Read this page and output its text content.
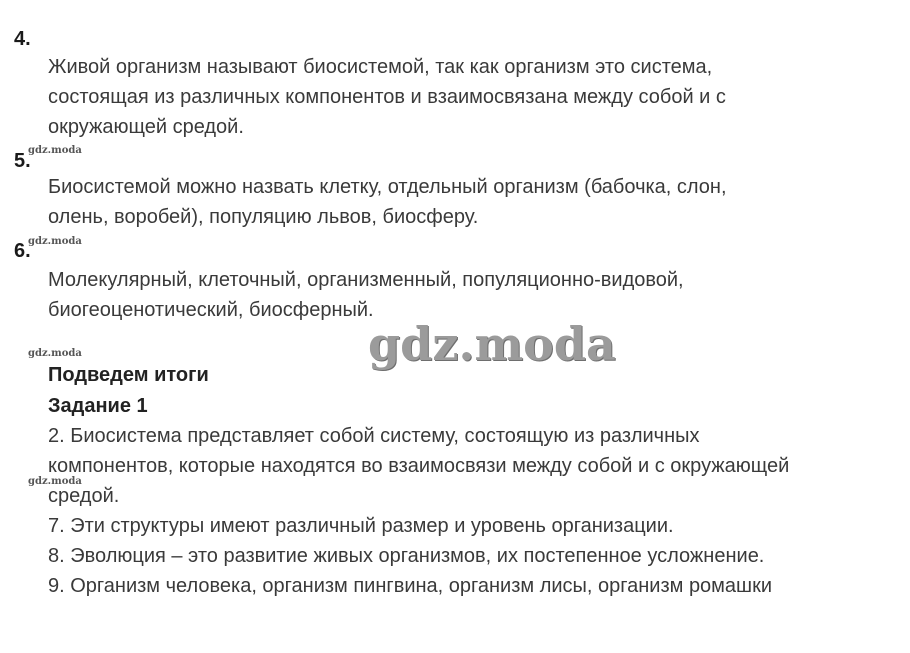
4.
Живой организм называют биосистемой, так как организм это система,
состоящая из различных компонентов и взаимосвязана между собой и с
окружающей средой.
gdz.moda
5.
Биосистемой можно назвать клетку, отдельный организм (бабочка, слон,
олень, воробей), популяцию львов, биосферу.
gdz.moda
6.
Молекулярный, клеточный, организменный, популяционно-видовой,
биогеоценотический, биосферный.
gdz.moda
gdz.moda
Подведем итоги
Задание 1
2. Биосистема представляет собой систему, состоящую из различных
компонентов, которые находятся во взаимосвязи между собой и с окружающей
средой.
7. Эти структуры имеют различный размер и уровень организации.
8. Эволюция – это развитие живых организмов, их постепенное усложнение.
9. Организм человека, организм пингвина, организм лисы, организм ромашки
gdz.moda
